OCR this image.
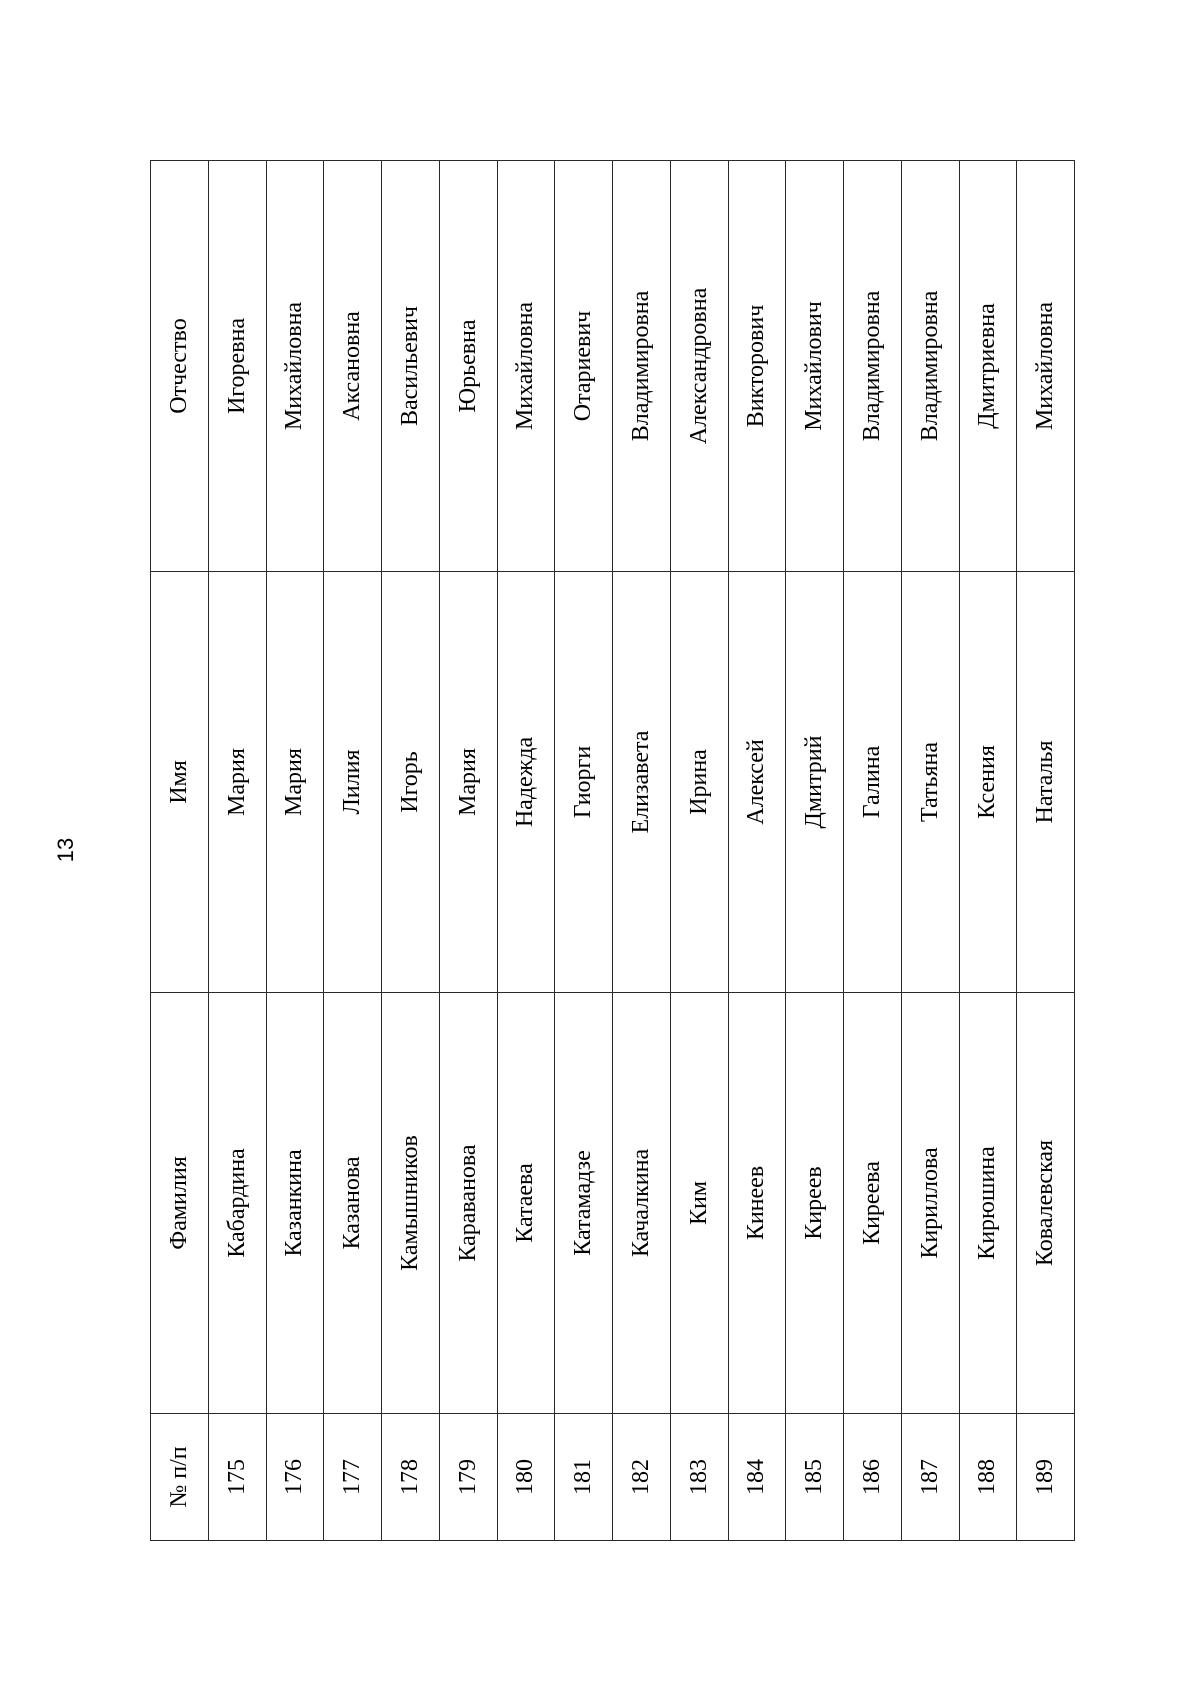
13
№ п/п	Фамилия	Имя	Отчество
175	Кабардина	Мария	Игоревна
176	Казанкина	Мария	Михайловна
177	Казанова	Лилия	Аксановна
178	Камышников	Игорь	Васильевич
179	Караванова	Мария	Юрьевна
180	Катаева	Надежда	Михайловна
181	Катамадзе	Гиорги	Отариевич
182	Качалкина	Елизавета	Владимировна
183	Ким	Ирина	Александровна
184	Кинеев	Алексей	Викторович
185	Киреев	Дмитрий	Михайлович
186	Киреева	Галина	Владимировна
187	Кириллова	Татьяна	Владимировна
188	Кирюшина	Ксения	Дмитриевна
189	Ковалевская	Наталья	Михайловна
